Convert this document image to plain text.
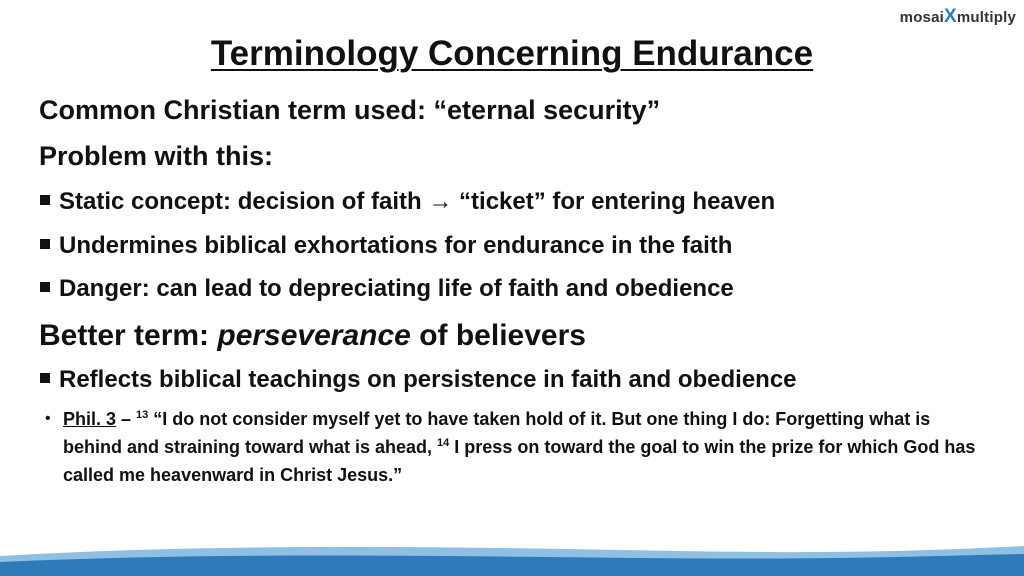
mosaiXmultiply
Terminology Concerning Endurance
Common Christian term used: “eternal security”
Problem with this:
Static concept: decision of faith → “ticket” for entering heaven
Undermines biblical exhortations for endurance in the faith
Danger: can lead to depreciating life of faith and obedience
Better term: perseverance of believers
Reflects biblical teachings on persistence in faith and obedience
• Phil. 3 – $^{13}$ “I do not consider myself yet to have taken hold of it. But one thing I do: Forgetting what is behind and straining toward what is ahead, $^{14}$ I press on toward the goal to win the prize for which God has called me heavenward in Christ Jesus.”
